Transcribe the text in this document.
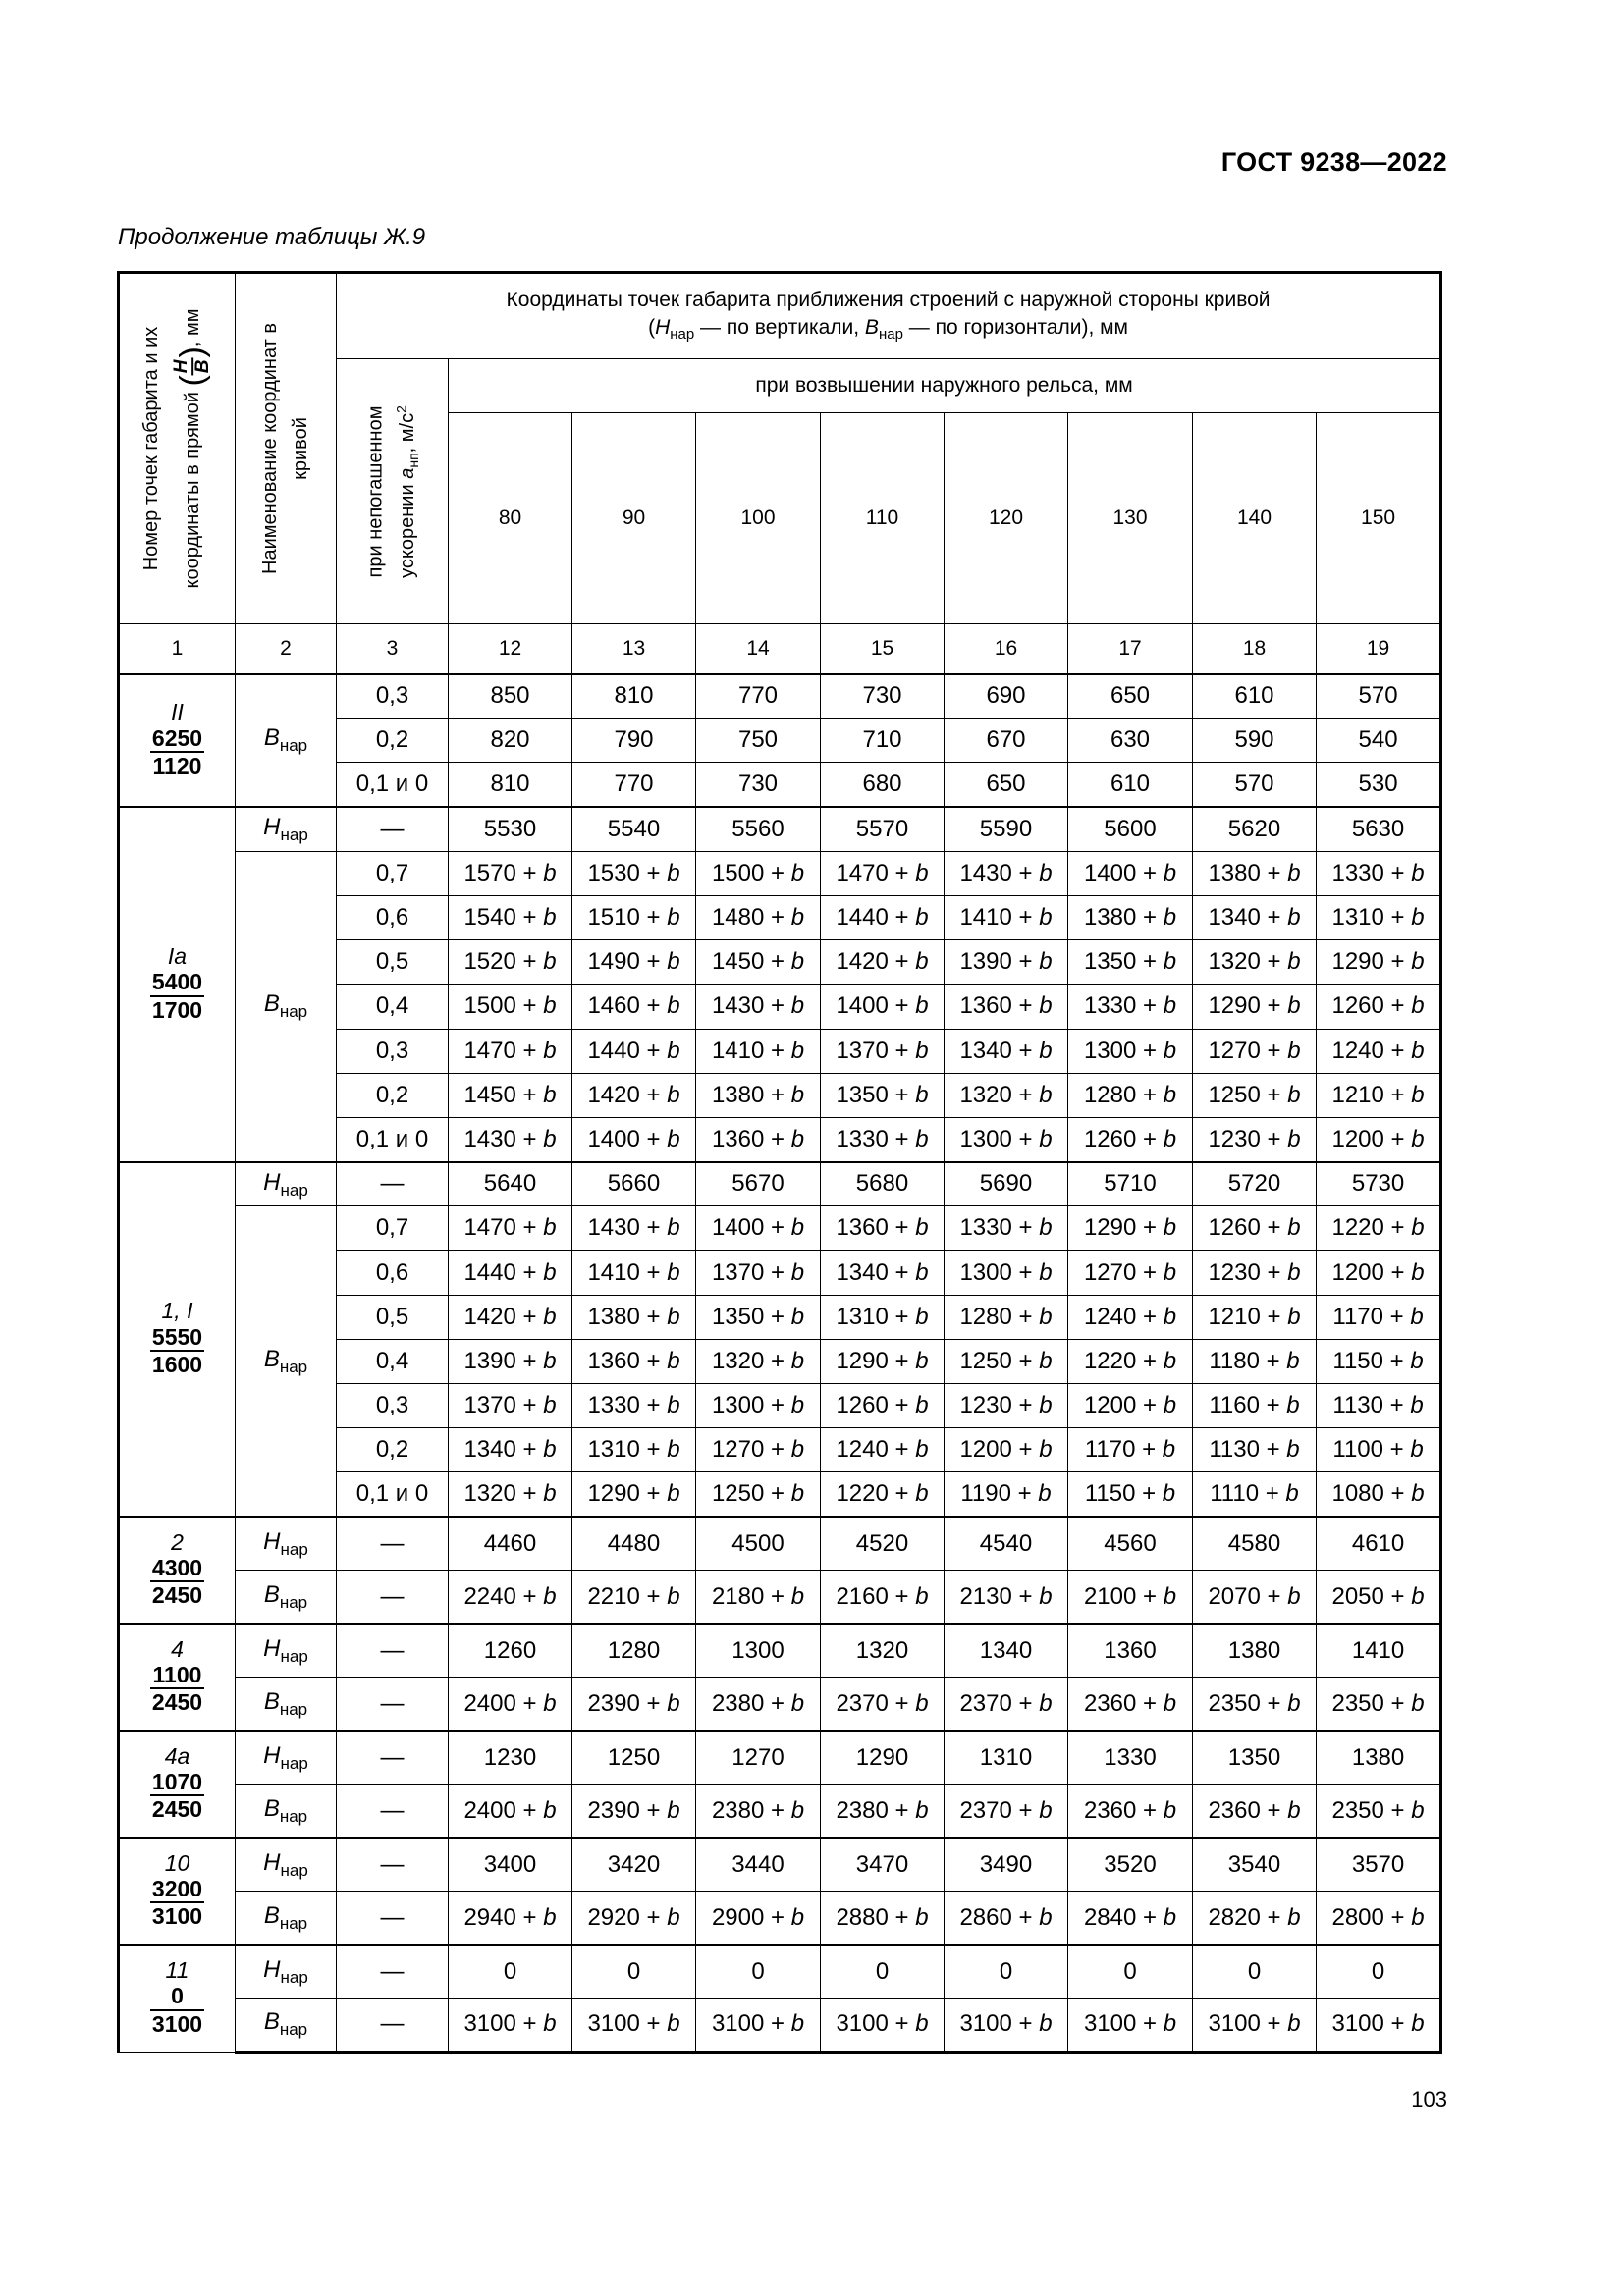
ГОСТ 9238—2022
Продолжение таблицы Ж.9
Номер точек габарита и их координаты в прямой (
H B
), мм	Наименование координат в кривой	Координаты точек габарита приближения строений с наружной стороны кривой
($H_{нар}$ — по вертикали, $B_{нар}$ — по горизонтали), мм								

		при непогашенном ускорении $a_{нп}$, $м/с^2$	при возвышении наружного рельса, мм							
			80	90	100	110	120	130	140	150
1	2	3	12	13	14	15	16	17	18	19

II
$\frac{6250}{1120}$	$B_{нар}$	0,3	850	810	770	730	690	650	610	570
		0,2	820	790	750	710	670	630	590	540
		0,1 и 0	810	770	730	680	650	610	570	530

Ia
$\frac{5400}{1700}$	$H_{нар}$	—	5530	5540	5560	5570	5590	5600	5620	5630
	$B_{нар}$	0,7	1570 + b	1530 + b	1500 + b	1470 + b	1430 + b	1400 + b	1380 + b	1330 + b
		0,6	1540 + b	1510 + b	1480 + b	1440 + b	1410 + b	1380 + b	1340 + b	1310 + b
		0,5	1520 + b	1490 + b	1450 + b	1420 + b	1390 + b	1350 + b	1320 + b	1290 + b
		0,4	1500 + b	1460 + b	1430 + b	1400 + b	1360 + b	1330 + b	1290 + b	1260 + b
		0,3	1470 + b	1440 + b	1410 + b	1370 + b	1340 + b	1300 + b	1270 + b	1240 + b
		0,2	1450 + b	1420 + b	1380 + b	1350 + b	1320 + b	1280 + b	1250 + b	1210 + b
		0,1 и 0	1430 + b	1400 + b	1360 + b	1330 + b	1300 + b	1260 + b	1230 + b	1200 + b

1, I
$\frac{5550}{1600}$	$H_{нар}$	—	5640	5660	5670	5680	5690	5710	5720	5730
	$B_{нар}$	0,7	1470 + b	1430 + b	1400 + b	1360 + b	1330 + b	1290 + b	1260 + b	1220 + b
		0,6	1440 + b	1410 + b	1370 + b	1340 + b	1300 + b	1270 + b	1230 + b	1200 + b
		0,5	1420 + b	1380 + b	1350 + b	1310 + b	1280 + b	1240 + b	1210 + b	1170 + b
		0,4	1390 + b	1360 + b	1320 + b	1290 + b	1250 + b	1220 + b	1180 + b	1150 + b
		0,3	1370 + b	1330 + b	1300 + b	1260 + b	1230 + b	1200 + b	1160 + b	1130 + b
		0,2	1340 + b	1310 + b	1270 + b	1240 + b	1200 + b	1170 + b	1130 + b	1100 + b
		0,1 и 0	1320 + b	1290 + b	1250 + b	1220 + b	1190 + b	1150 + b	1110 + b	1080 + b

2
$\frac{4300}{2450}$	$H_{нар}$	—	4460	4480	4500	4520	4540	4560	4580	4610
	$B_{нар}$	—	2240 + b	2210 + b	2180 + b	2160 + b	2130 + b	2100 + b	2070 + b	2050 + b

4
$\frac{1100}{2450}$	$H_{нар}$	—	1260	1280	1300	1320	1340	1360	1380	1410
	$B_{нар}$	—	2400 + b	2390 + b	2380 + b	2370 + b	2370 + b	2360 + b	2350 + b	2350 + b

4a
$\frac{1070}{2450}$	$H_{нар}$	—	1230	1250	1270	1290	1310	1330	1350	1380
	$B_{нар}$	—	2400 + b	2390 + b	2380 + b	2380 + b	2370 + b	2360 + b	2360 + b	2350 + b

10
$\frac{3200}{3100}$	$H_{нар}$	—	3400	3420	3440	3470	3490	3520	3540	3570
	$B_{нар}$	—	2940 + b	2920 + b	2900 + b	2880 + b	2860 + b	2840 + b	2820 + b	2800 + b

11
$\frac{0}{3100}$	$H_{нар}$	—	0	0	0	0	0	0	0	0
	$B_{нар}$	—	3100 + b	3100 + b	3100 + b	3100 + b	3100 + b	3100 + b	3100 + b	3100 + b
103
